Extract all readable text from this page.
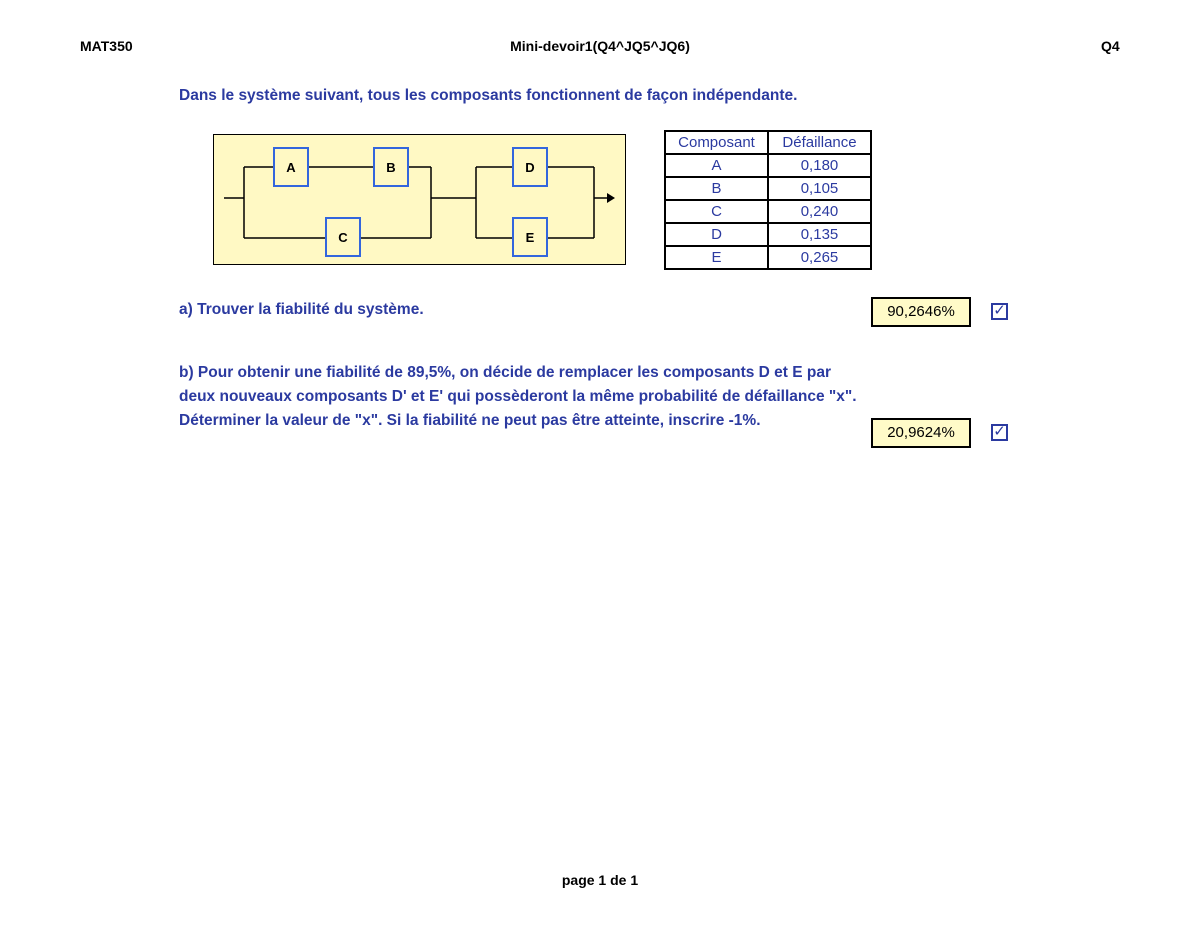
MAT350	Mini-devoir1(Q4^JQ5^JQ6)	Q4
Dans le système suivant, tous les composants fonctionnent de façon indépendante.
A	B
C
D
E
Composant	Défaillance
A	0,180
B	0,105
C	0,240
D	0,135
E	0,265
a) Trouver la fiabilité du système.	90,2646%	✓
b) Pour obtenir une fiabilité de 89,5%, on décide de remplacer les composants D et E par
deux nouveaux composants D' et E' qui possèderont la même probabilité de défaillance "x".
Déterminer la valeur de "x". Si la fiabilité ne peut pas être atteinte, inscrire -1%.
20,9624%	✓
page 1 de 1
